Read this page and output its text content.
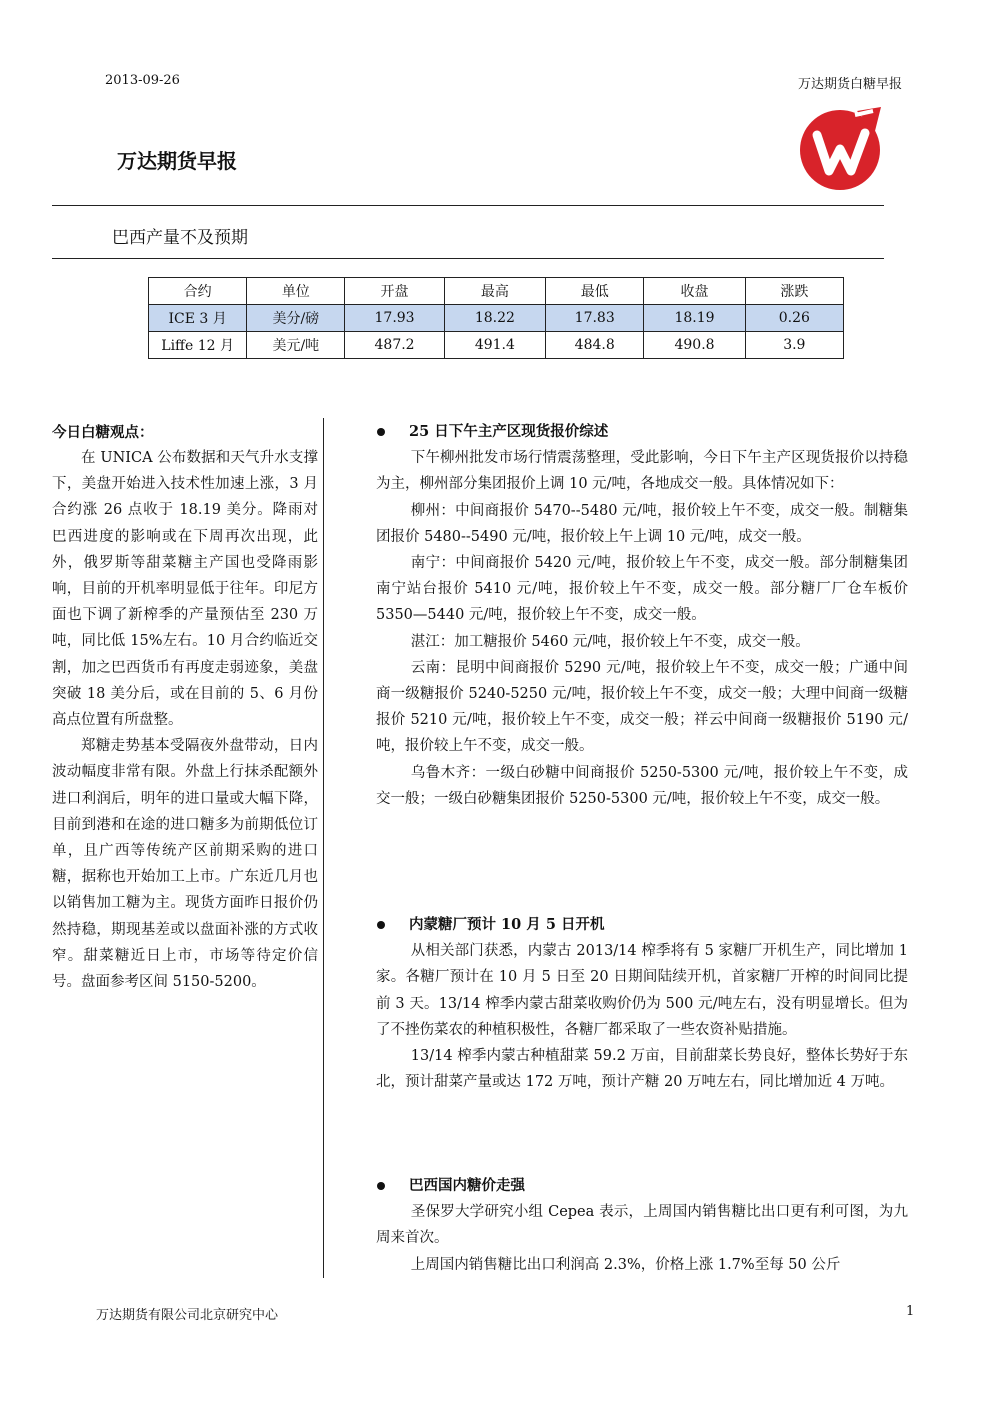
2013-09-26	万达期货白糖早报
万达期货早报
巴西产量不及预期
合约	单位	开盘	最高	最低	收盘	涨跌
ICE 3 月	美分/磅	17.93	18.22	17.83	18.19	0.26
Liffe 12 月	美元/吨	487.2	491.4	484.8	490.8	3.9
今日白糖观点：

在 UNICA 公布数据和天气升水支撑下，美盘开始进入技术性加速上涨，3 月合约涨 26 点收于 18.19 美分。降雨对巴西进度的影响或在下周再次出现，此外，俄罗斯等甜菜糖主产国也受降雨影响，目前的开机率明显低于往年。印尼方面也下调了新榨季的产量预估至 230 万吨，同比低 15%左右。10 月合约临近交割，加之巴西货币有再度走弱迹象，美盘突破 18 美分后，或在目前的 5、6 月份高点位置有所盘整。

郑糖走势基本受隔夜外盘带动，日内波动幅度非常有限。外盘上行抹杀配额外进口利润后，明年的进口量或大幅下降，目前到港和在途的进口糖多为前期低位订单，且广西等传统产区前期采购的进口糖，据称也开始加工上市。广东近几月也以销售加工糖为主。现货方面昨日报价仍然持稳，期现基差或以盘面补涨的方式收窄。甜菜糖近日上市，市场等待定价信号。盘面参考区间 5150-5200。

25 日下午主产区现货报价综述

下午柳州批发市场行情震荡整理，受此影响，今日下午主产区现货报价以持稳为主，柳州部分集团报价上调 10 元/吨，各地成交一般。具体情况如下：

柳州：中间商报价 5470--5480 元/吨，报价较上午不变，成交一般。制糖集团报价 5480--5490 元/吨，报价较上午上调 10 元/吨，成交一般。

南宁：中间商报价 5420 元/吨，报价较上午不变，成交一般。部分制糖集团南宁站台报价 5410 元/吨，报价较上午不变，成交一般。部分糖厂厂仓车板价 5350—5440 元/吨，报价较上午不变，成交一般。

湛江：加工糖报价 5460 元/吨，报价较上午不变，成交一般。

云南：昆明中间商报价 5290 元/吨，报价较上午不变，成交一般；广通中间商一级糖报价 5240-5250 元/吨，报价较上午不变，成交一般；大理中间商一级糖报价 5210 元/吨，报价较上午不变，成交一般；祥云中间商一级糖报价 5190 元/吨，报价较上午不变，成交一般。

乌鲁木齐：一级白砂糖中间商报价 5250-5300 元/吨，报价较上午不变，成交一般；一级白砂糖集团报价 5250-5300 元/吨，报价较上午不变，成交一般。

内蒙糖厂预计 10 月 5 日开机

从相关部门获悉，内蒙古 2013/14 榨季将有 5 家糖厂开机生产，同比增加 1 家。各糖厂预计在 10 月 5 日至 20 日期间陆续开机，首家糖厂开榨的时间同比提前 3 天。13/14 榨季内蒙古甜菜收购价仍为 500 元/吨左右，没有明显增长。但为了不挫伤菜农的种植积极性，各糖厂都采取了一些农资补贴措施。

13/14 榨季内蒙古种植甜菜 59.2 万亩，目前甜菜长势良好，整体长势好于东北，预计甜菜产量或达 172 万吨，预计产糖 20 万吨左右，同比增加近 4 万吨。

巴西国内糖价走强

圣保罗大学研究小组 Cepea 表示，上周国内销售糖比出口更有利可图，为九周来首次。

上周国内销售糖比出口利润高 2.3%，价格上涨 1.7%至每 50 公斤

万达期货有限公司北京研究中心	1
